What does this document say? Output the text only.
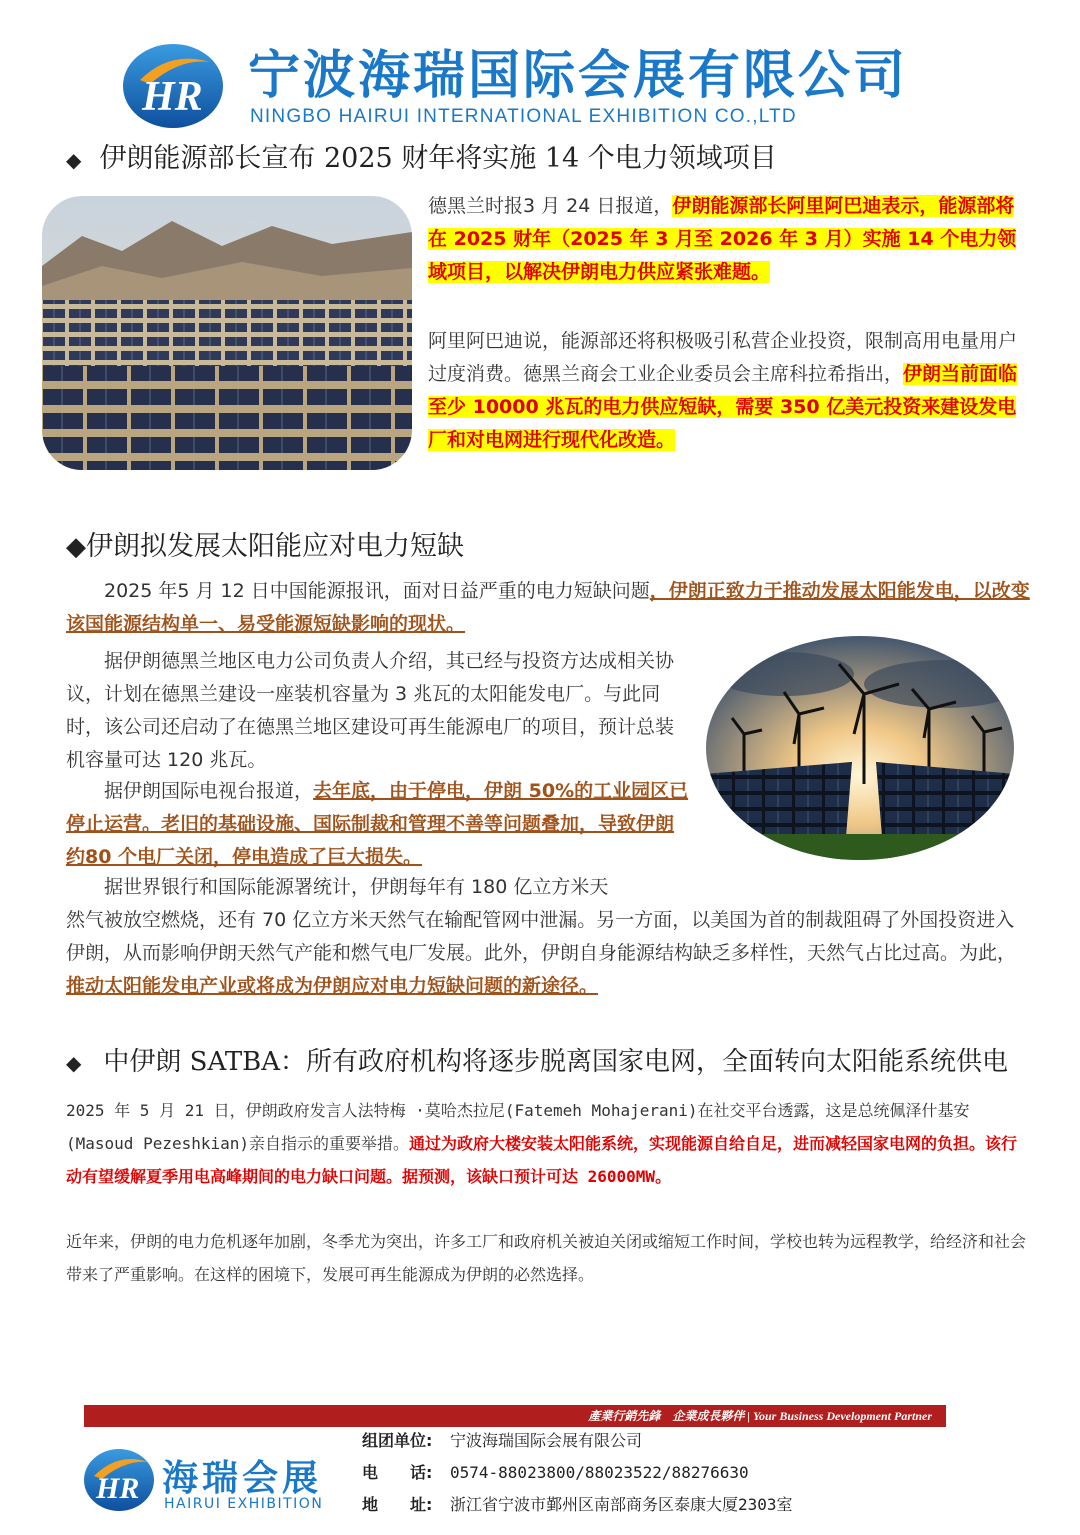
HR 宁波海瑞国际会展有限公司
NINGBO HAIRUI INTERNATIONAL EXHIBITION CO.,LTD
◆ 伊朗能源部长宣布 2025 财年将实施 14 个电力领域项目
德黑兰时报3 月 24 日报道，伊朗能源部长阿里阿巴迪表示，能源部将在 2025 财年（2025 年 3 月至 2026 年 3 月）实施 14 个电力领域项目，以解决伊朗电力供应紧张难题。
阿里阿巴迪说，能源部还将积极吸引私营企业投资，限制高用电量用户过度消费。德黑兰商会工业企业委员会主席科拉希指出，伊朗当前面临至少 10000 兆瓦的电力供应短缺，需要 350 亿美元投资来建设发电厂和对电网进行现代化改造。
◆伊朗拟发展太阳能应对电力短缺
2025 年5 月 12 日中国能源报讯，面对日益严重的电力短缺问题，伊朗正致力于推动发展太阳能发电，以改变该国能源结构单一、易受能源短缺影响的现状。
据伊朗德黑兰地区电力公司负责人介绍，其已经与投资方达成相关协议，计划在德黑兰建设一座装机容量为 3 兆瓦的太阳能发电厂。与此同时，该公司还启动了在德黑兰地区建设可再生能源电厂的项目，预计总装机容量可达 120 兆瓦。
据伊朗国际电视台报道，去年底，由于停电，伊朗 50%的工业园区已停止运营。老旧的基础设施、国际制裁和管理不善等问题叠加，导致伊朗约80 个电厂关闭，停电造成了巨大损失。
据世界银行和国际能源署统计，伊朗每年有 180 亿立方米天
然气被放空燃烧，还有 70 亿立方米天然气在输配管网中泄漏。另一方面，以美国为首的制裁阻碍了外国投资进入伊朗，从而影响伊朗天然气产能和燃气电厂发展。此外，伊朗自身能源结构缺乏多样性，天然气占比过高。为此，推动太阳能发电产业或将成为伊朗应对电力短缺问题的新途径。
◆ 中伊朗 SATBA：所有政府机构将逐步脱离国家电网，全面转向太阳能系统供电
2025 年 5 月 21 日，伊朗政府发言人法特梅 ·莫哈杰拉尼(Fatemeh Mohajerani)在社交平台透露，这是总统佩泽什基安(Masoud Pezeshkian)亲自指示的重要举措。通过为政府大楼安装太阳能系统，实现能源自给自足，进而减轻国家电网的负担。该行动有望缓解夏季用电高峰期间的电力缺口问题。据预测，该缺口预计可达 26000MW。
近年来，伊朗的电力危机逐年加剧，冬季尤为突出，许多工厂和政府机关被迫关闭或缩短工作时间，学校也转为远程教学，给经济和社会带来了严重影响。在这样的困境下，发展可再生能源成为伊朗的必然选择。
產業行銷先鋒　企業成長夥伴 | Your Business Development Partner
HR 海瑞会展
HAIRUI EXHIBITION
组团单位: 宁波海瑞国际会展有限公司
电　　话: 0574-88023800/88023522/88276630
地　　址: 浙江省宁波市鄞州区南部商务区泰康大厦2303室
